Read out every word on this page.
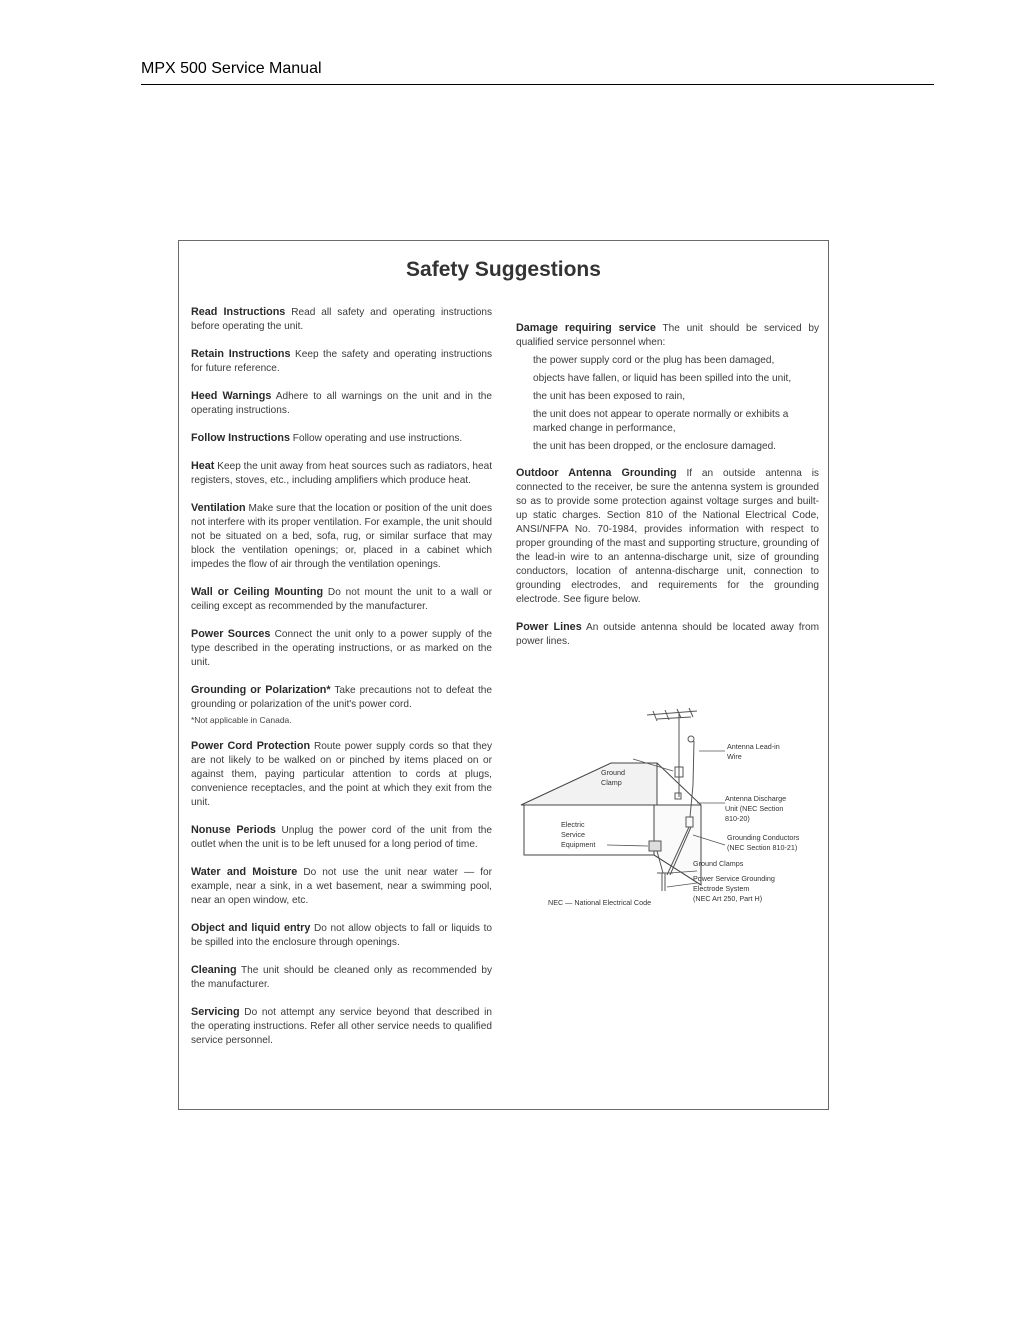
MPX 500 Service Manual
Safety Suggestions

Read Instructions Read all safety and operating instructions before operating the unit.

Retain Instructions Keep the safety and operating instructions for future reference.

Heed Warnings Adhere to all warnings on the unit and in the operating instructions.

Follow Instructions Follow operating and use instructions.

Heat Keep the unit away from heat sources such as radiators, heat registers, stoves, etc., including amplifiers which produce heat.

Ventilation Make sure that the location or position of the unit does not interfere with its proper ventilation. For example, the unit should not be situated on a bed, sofa, rug, or similar surface that may block the ventilation openings; or, placed in a cabinet which impedes the flow of air through the ventilation openings.

Wall or Ceiling Mounting Do not mount the unit to a wall or ceiling except as recommended by the manufacturer.

Power Sources Connect the unit only to a power supply of the type described in the operating instructions, or as marked on the unit.

Grounding or Polarization* Take precautions not to defeat the grounding or polarization of the unit's power cord.

*Not applicable in Canada.

Power Cord Protection Route power supply cords so that they are not likely to be walked on or pinched by items placed on or against them, paying particular attention to cords at plugs, convenience receptacles, and the point at which they exit from the unit.

Nonuse Periods Unplug the power cord of the unit from the outlet when the unit is to be left unused for a long period of time.

Water and Moisture Do not use the unit near water — for example, near a sink, in a wet basement, near a swimming pool, near an open window, etc.

Object and liquid entry Do not allow objects to fall or liquids to be spilled into the enclosure through openings.

Cleaning The unit should be cleaned only as recommended by the manufacturer.

Servicing Do not attempt any service beyond that described in the operating instructions. Refer all other service needs to qualified service personnel.

Damage requiring service The unit should be serviced by qualified service personnel when:

the power supply cord or the plug has been damaged,
objects have fallen, or liquid has been spilled into the unit,
the unit has been exposed to rain,
the unit does not appear to operate normally or exhibits a marked change in performance,
the unit has been dropped, or the enclosure damaged.

Outdoor Antenna Grounding If an outside antenna is connected to the receiver, be sure the antenna system is grounded so as to provide some protection against voltage surges and built-up static charges. Section 810 of the National Electrical Code, ANSI/NFPA No. 70-1984, provides information with respect to proper grounding of the mast and supporting structure, grounding of the lead-in wire to an antenna-discharge unit, size of grounding conductors, location of antenna-discharge unit, connection to grounding electrodes, and requirements for the grounding electrode. See figure below.

Power Lines An outside antenna should be located away from power lines.

Antenna Lead-in
Wire
Ground
Clamp
Antenna Discharge
Unit (NEC Section
810-20)
Electric
Service
Equipment
Grounding Conductors
(NEC Section 810-21)
Ground Clamps
Power Service Grounding
Electrode System
(NEC Art 250, Part H)
NEC — National Electrical Code
